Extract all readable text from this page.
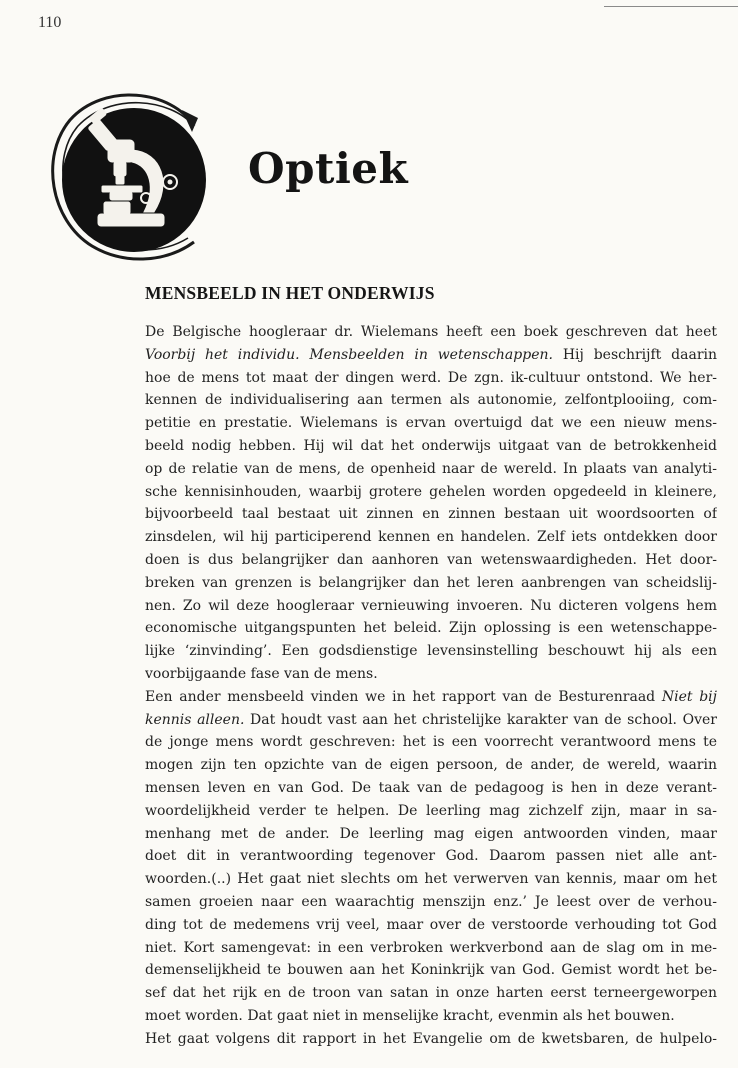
110
Optiek
MENSBEELD IN HET ONDERWIJS
De Belgische hoogleraar dr. Wielemans heeft een boek geschreven dat heet
Voorbij het individu. Mensbeelden in wetenschappen. Hij beschrijft daarin
hoe de mens tot maat der dingen werd. De zgn. ik-cultuur ontstond. We her-
kennen de individualisering aan termen als autonomie, zelfontplooiing, com-
petitie en prestatie. Wielemans is ervan overtuigd dat we een nieuw mens-
beeld nodig hebben. Hij wil dat het onderwijs uitgaat van de betrokkenheid
op de relatie van de mens, de openheid naar de wereld. In plaats van analyti-
sche kennisinhouden, waarbij grotere gehelen worden opgedeeld in kleinere,
bijvoorbeeld taal bestaat uit zinnen en zinnen bestaan uit woordsoorten of
zinsdelen, wil hij participerend kennen en handelen. Zelf iets ontdekken door
doen is dus belangrijker dan aanhoren van wetenswaardigheden. Het door-
breken van grenzen is belangrijker dan het leren aanbrengen van scheidslij-
nen. Zo wil deze hoogleraar vernieuwing invoeren. Nu dicteren volgens hem
economische uitgangspunten het beleid. Zijn oplossing is een wetenschappe-
lijke ‘zinvinding’. Een godsdienstige levensinstelling beschouwt hij als een
voorbijgaande fase van de mens.
Een ander mensbeeld vinden we in het rapport van de Besturenraad Niet bij
kennis alleen. Dat houdt vast aan het christelijke karakter van de school. Over
de jonge mens wordt geschreven: het is een voorrecht verantwoord mens te
mogen zijn ten opzichte van de eigen persoon, de ander, de wereld, waarin
mensen leven en van God. De taak van de pedagoog is hen in deze verant-
woordelijkheid verder te helpen. De leerling mag zichzelf zijn, maar in sa-
menhang met de ander. De leerling mag eigen antwoorden vinden, maar
doet dit in verantwoording tegenover God. Daarom passen niet alle ant-
woorden.(..) Het gaat niet slechts om het verwerven van kennis, maar om het
samen groeien naar een waarachtig menszijn enz.’ Je leest over de verhou-
ding tot de medemens vrij veel, maar over de verstoorde verhouding tot God
niet. Kort samengevat: in een verbroken werkverbond aan de slag om in me-
demenselijkheid te bouwen aan het Koninkrijk van God. Gemist wordt het be-
sef dat het rijk en de troon van satan in onze harten eerst terneergeworpen
moet worden. Dat gaat niet in menselijke kracht, evenmin als het bouwen.
Het gaat volgens dit rapport in het Evangelie om de kwetsbaren, de hulpelo-
